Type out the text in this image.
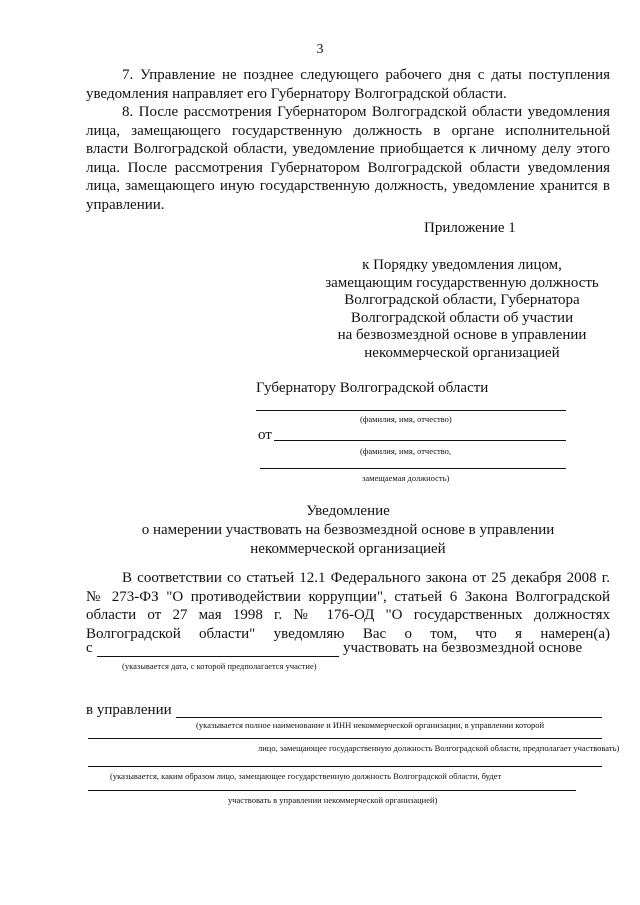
3

7. Управление не позднее следующего рабочего дня с даты поступления уведомления направляет его Губернатору Волгоградской области.

8. После рассмотрения Губернатором Волгоградской области уведомления лица, замещающего государственную должность в органе исполнительной власти Волгоградской области, уведомление приобщается к личному делу этого лица. После рассмотрения Губернатором Волгоградской области уведомления лица, замещающего иную государственную должность, уведомление хранится в управлении.

Приложение 1
к Порядку уведомления лицом,
замещающим государственную должность
Волгоградской области, Губернатора
Волгоградской области об участии
на безвозмездной основе в управлении
некоммерческой организацией
Губернатору Волгоградской области
(фамилия, имя, отчество)
от
(фамилия, имя, отчество,
замещаемая должность)
Уведомление
о намерении участвовать на безвозмездной основе в управлении
некоммерческой организацией

В соответствии со статьей 12.1 Федерального закона от 25 декабря 2008 г. № 273-ФЗ "О противодействии коррупции", статьей 6 Закона Волгоградской области от 27 мая 1998 г. № 176-ОД "О государственных должностях Волгоградской области" уведомляю Вас о том, что я намерен(а)

с	участвовать на безвозмездной основе
(указывается дата, с которой предполагается участие)
в управлении
(указывается полное наименование и ИНН некоммерческой организации, в управлении которой
лицо, замещающее государственную должность Волгоградской области, предполагает участвовать)
(указывается, каким образом лицо, замещающее государственную должность Волгоградской области, будет
участвовать в управлении некоммерческой организацией)
